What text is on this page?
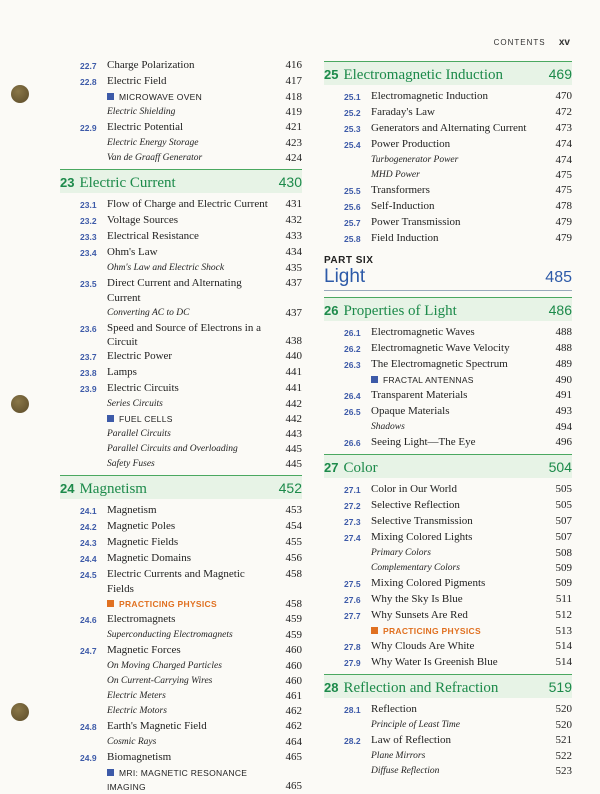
CONTENTS xv
22.7 Charge Polarization	416
22.8 Electric Field	417
MICROWAVE OVEN	418
Electric Shielding	419
22.9 Electric Potential	421
Electric Energy Storage	423
Van de Graaff Generator	424
23 Electric Current	430
23.1 Flow of Charge and Electric Current	431
23.2 Voltage Sources	432
23.3 Electrical Resistance	433
23.4 Ohm's Law	434
Ohm's Law and Electric Shock	435
23.5 Direct Current and Alternating Current
437
Converting AC to DC	437
23.6 Speed and Source of Electrons in a Circuit	438
23.7 Electric Power	440
23.8 Lamps	441
23.9 Electric Circuits	441
Series Circuits	442
FUEL CELLS	442
Parallel Circuits	443
Parallel Circuits and Overloading	445
Safety Fuses	445
24 Magnetism	452
24.1 Magnetism	453
24.2 Magnetic Poles	454
24.3 Magnetic Fields	455
24.4 Magnetic Domains	456
24.5 Electric Currents and Magnetic Fields
458
PRACTICING PHYSICS	458
24.6 Electromagnets	459
Superconducting Electromagnets	459
24.7 Magnetic Forces	460
On Moving Charged Particles	460
On Current-Carrying Wires	460
Electric Meters	461
Electric Motors	462
24.8 Earth's Magnetic Field	462
Cosmic Rays	464
24.9 Biomagnetism	465
MRI: MAGNETIC RESONANCE IMAGING	465
25 Electromagnetic Induction	469
25.1 Electromagnetic Induction	470
25.2 Faraday's Law	472
25.3 Generators and Alternating Current	473
25.4 Power Production	474
Turbogenerator Power	474
MHD Power	475
25.5 Transformers	475
25.6 Self-Induction	478
25.7 Power Transmission	479
25.8 Field Induction	479
PART SIX
Light	485
26 Properties of Light	486
26.1 Electromagnetic Waves	488
26.2 Electromagnetic Wave Velocity	488
26.3 The Electromagnetic Spectrum	489
FRACTAL ANTENNAS	490
26.4 Transparent Materials	491
26.5 Opaque Materials	493
Shadows	494
26.6 Seeing Light—The Eye	496
27 Color	504
27.1 Color in Our World	505
27.2 Selective Reflection	505
27.3 Selective Transmission	507
27.4 Mixing Colored Lights	507
Primary Colors	508
Complementary Colors	509
27.5 Mixing Colored Pigments	509
27.6 Why the Sky Is Blue	511
27.7 Why Sunsets Are Red	512
PRACTICING PHYSICS	513
27.8 Why Clouds Are White	514
27.9 Why Water Is Greenish Blue	514
28 Reflection and Refraction	519
28.1 Reflection	520
Principle of Least Time	520
28.2 Law of Reflection	521
Plane Mirrors	522
Diffuse Reflection	523
